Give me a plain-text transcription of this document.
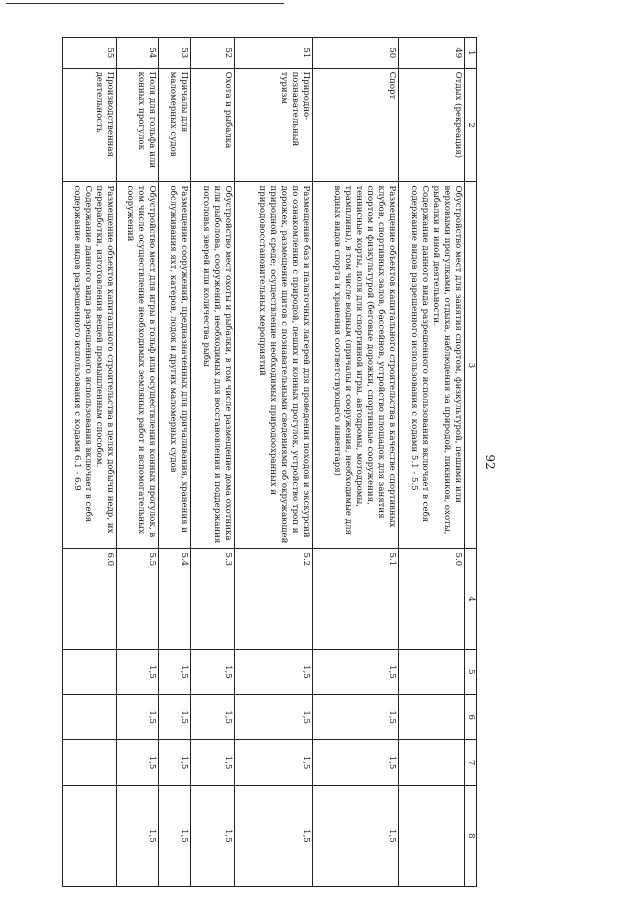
92
1	2	3	4	5	6	7	8
49	Отдых (рекреация)	Обустройство мест для занятия спортом, физкультурой, пешими или верховыми прогулками, отдыха, наблюдения за природой, пикников, охоты, рыбалки и иной деятельности.
Содержание данного вида разрешенного использования включает в себя содержание видов разрешенного использования с кодами 5.1 - 5.5	5.0				
50	Спорт	Размещение объектов капитального строительства в качестве спортивных клубов, спортивных залов, бассейнов, устройство площадок для занятия спортом и физкультурой (беговые дорожки, спортивные сооружения, теннисные корты, поля для спортивной игры, автодромы, мотодромы, трамплины), в том числе водным (причалы и сооружения, необходимые для водных видов спорта и хранения соответствующего инвентаря)	5.1	1,5	1,5	1,5	1,5
51	Природно-познавательный туризм	Размещение баз и палаточных лагерей для проведения походов и экскурсий по ознакомлению с природой, пеших и конных прогулок, устройство троп и дорожек, размещение щитов с познавательными сведениями об окружающей природной среде; осуществление необходимых природоохранных и природовосстановительных мероприятий	5.2	1,5	1,5	1,5	1,5
52	Охота и рыбалка	Обустройство мест охоты и рыбалки, в том числе размещение дома охотника или рыболова, сооружений, необходимых для восстановления и поддержания поголовья зверей или количества рыбы	5.3	1,5	1,5	1,5	1,5
53	Причалы для маломерных судов	Размещение сооружений, предназначенных для причаливания, хранения и обслуживания яхт, катеров, лодок и других маломерных судов	5.4	1,5	1,5	1,5	1,5
54	Поля для гольфа или конных прогулок	Обустройство мест для игры в гольф или осуществления конных прогулок, в том числе осуществление необходимых земляных работ и вспомогательных сооружений	5.5	1,5	1,5	1,5	1,5
55	Производственная деятельность	Размещение объектов капитального строительства в целях добычи недр, их переработки, изготовления вещей промышленным способом.
Содержание данного вида разрешенного использования включает в себя содержание видов разрешенного использования с кодами 6.1 - 6.9	6.0				
